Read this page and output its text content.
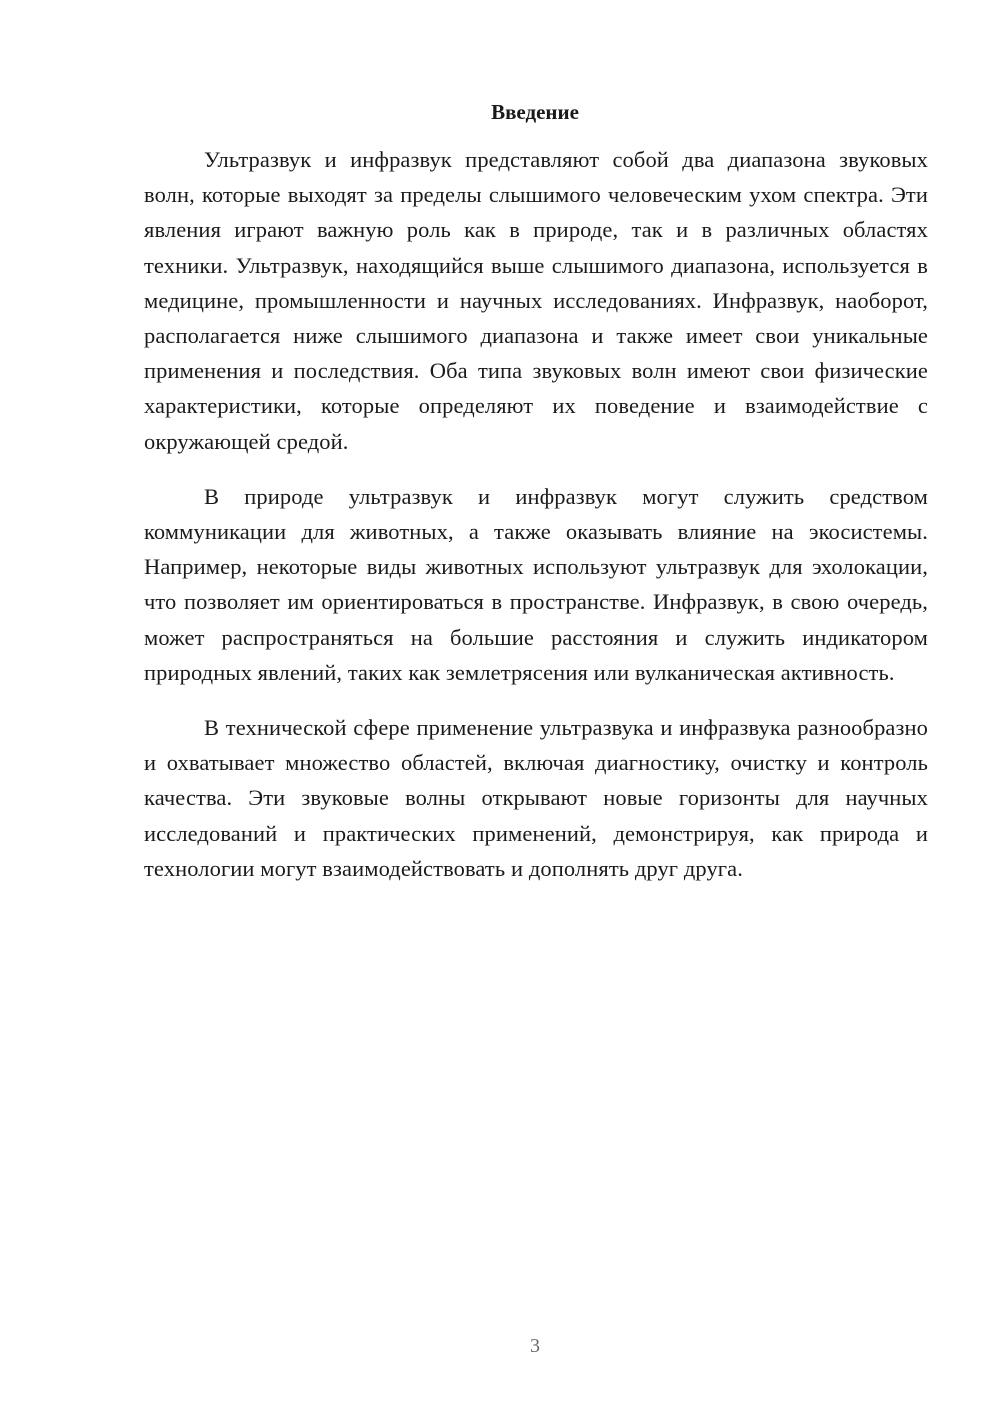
Введение

Ультразвук и инфразвук представляют собой два диапазона звуковых волн, которые выходят за пределы слышимого человеческим ухом спектра. Эти явления играют важную роль как в природе, так и в различных областях техники. Ультразвук, находящийся выше слышимого диапазона, используется в медицине, промышленности и научных исследованиях. Инфразвук, наоборот, располагается ниже слышимого диапазона и также имеет свои уникальные применения и последствия. Оба типа звуковых волн имеют свои физические характеристики, которые определяют их поведение и взаимодействие с окружающей средой.

В природе ультразвук и инфразвук могут служить средством коммуникации для животных, а также оказывать влияние на экосистемы. Например, некоторые виды животных используют ультразвук для эхолокации, что позволяет им ориентироваться в пространстве. Инфразвук, в свою очередь, может распространяться на большие расстояния и служить индикатором природных явлений, таких как землетрясения или вулканическая активность.

В технической сфере применение ультразвука и инфразвука разнообразно и охватывает множество областей, включая диагностику, очистку и контроль качества. Эти звуковые волны открывают новые горизонты для научных исследований и практических применений, демонстрируя, как природа и технологии могут взаимодействовать и дополнять друг друга.

3
